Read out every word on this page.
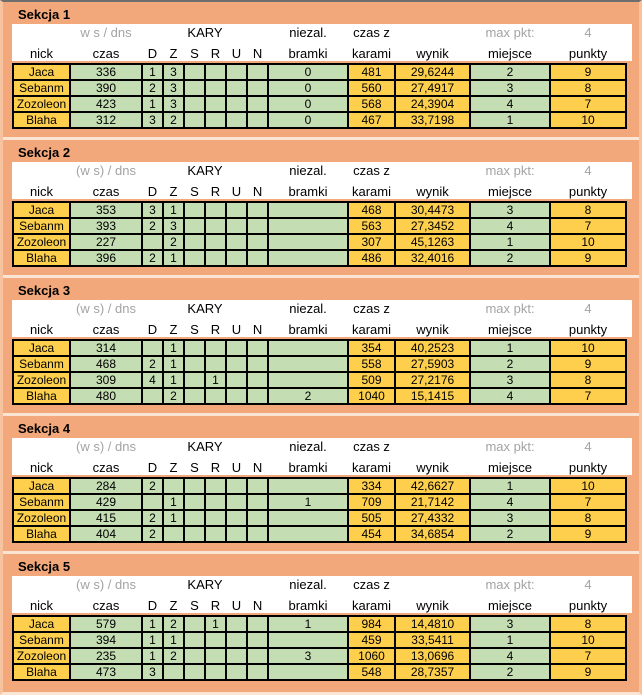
Sekcja 1
	w s / dns	KARY						niezal.	czas z		max pkt:	4
nick	czas	D	Z	S	R	U	N	bramki	karami	wynik	miejsce	punkty
Jaca	336	1	3					0	481	29,6244	2	9
Sebanm	390	2	3					0	560	27,4917	3	8
Zozoleon	423	1	3					0	568	24,3904	4	7
Blaha	312	3	2					0	467	33,7198	1	10
Sekcja 2
	(w s) / dns	KARY						niezal.	czas z		max pkt:	4
nick	czas	D	Z	S	R	U	N	bramki	karami	wynik	miejsce	punkty
Jaca	353	3	1						468	30,4473	3	8
Sebanm	393	2	3						563	27,3452	4	7
Zozoleon	227		2						307	45,1263	1	10
Blaha	396	2	1						486	32,4016	2	9
Sekcja 3
	(w s) / dns	KARY						niezal.	czas z		max pkt:	4
nick	czas	D	Z	S	R	U	N	bramki	karami	wynik	miejsce	punkty
Jaca	314		1						354	40,2523	1	10
Sebanm	468	2	1						558	27,5903	2	9
Zozoleon	309	4	1		1				509	27,2176	3	8
Blaha	480		2					2	1040	15,1415	4	7
Sekcja 4
	(w s) / dns	KARY						niezal.	czas z		max pkt:	4
nick	czas	D	Z	S	R	U	N	bramki	karami	wynik	miejsce	punkty
Jaca	284	2							334	42,6627	1	10
Sebanm	429		1					1	709	21,7142	4	7
Zozoleon	415	2	1						505	27,4332	3	8
Blaha	404	2							454	34,6854	2	9
Sekcja 5
	(w s) / dns	KARY						niezal.	czas z		max pkt:	4
nick	czas	D	Z	S	R	U	N	bramki	karami	wynik	miejsce	punkty
Jaca	579	1	2		1			1	984	14,4810	3	8
Sebanm	394	1	1						459	33,5411	1	10
Zozoleon	235	1	2					3	1060	13,0696	4	7
Blaha	473	3							548	28,7357	2	9
